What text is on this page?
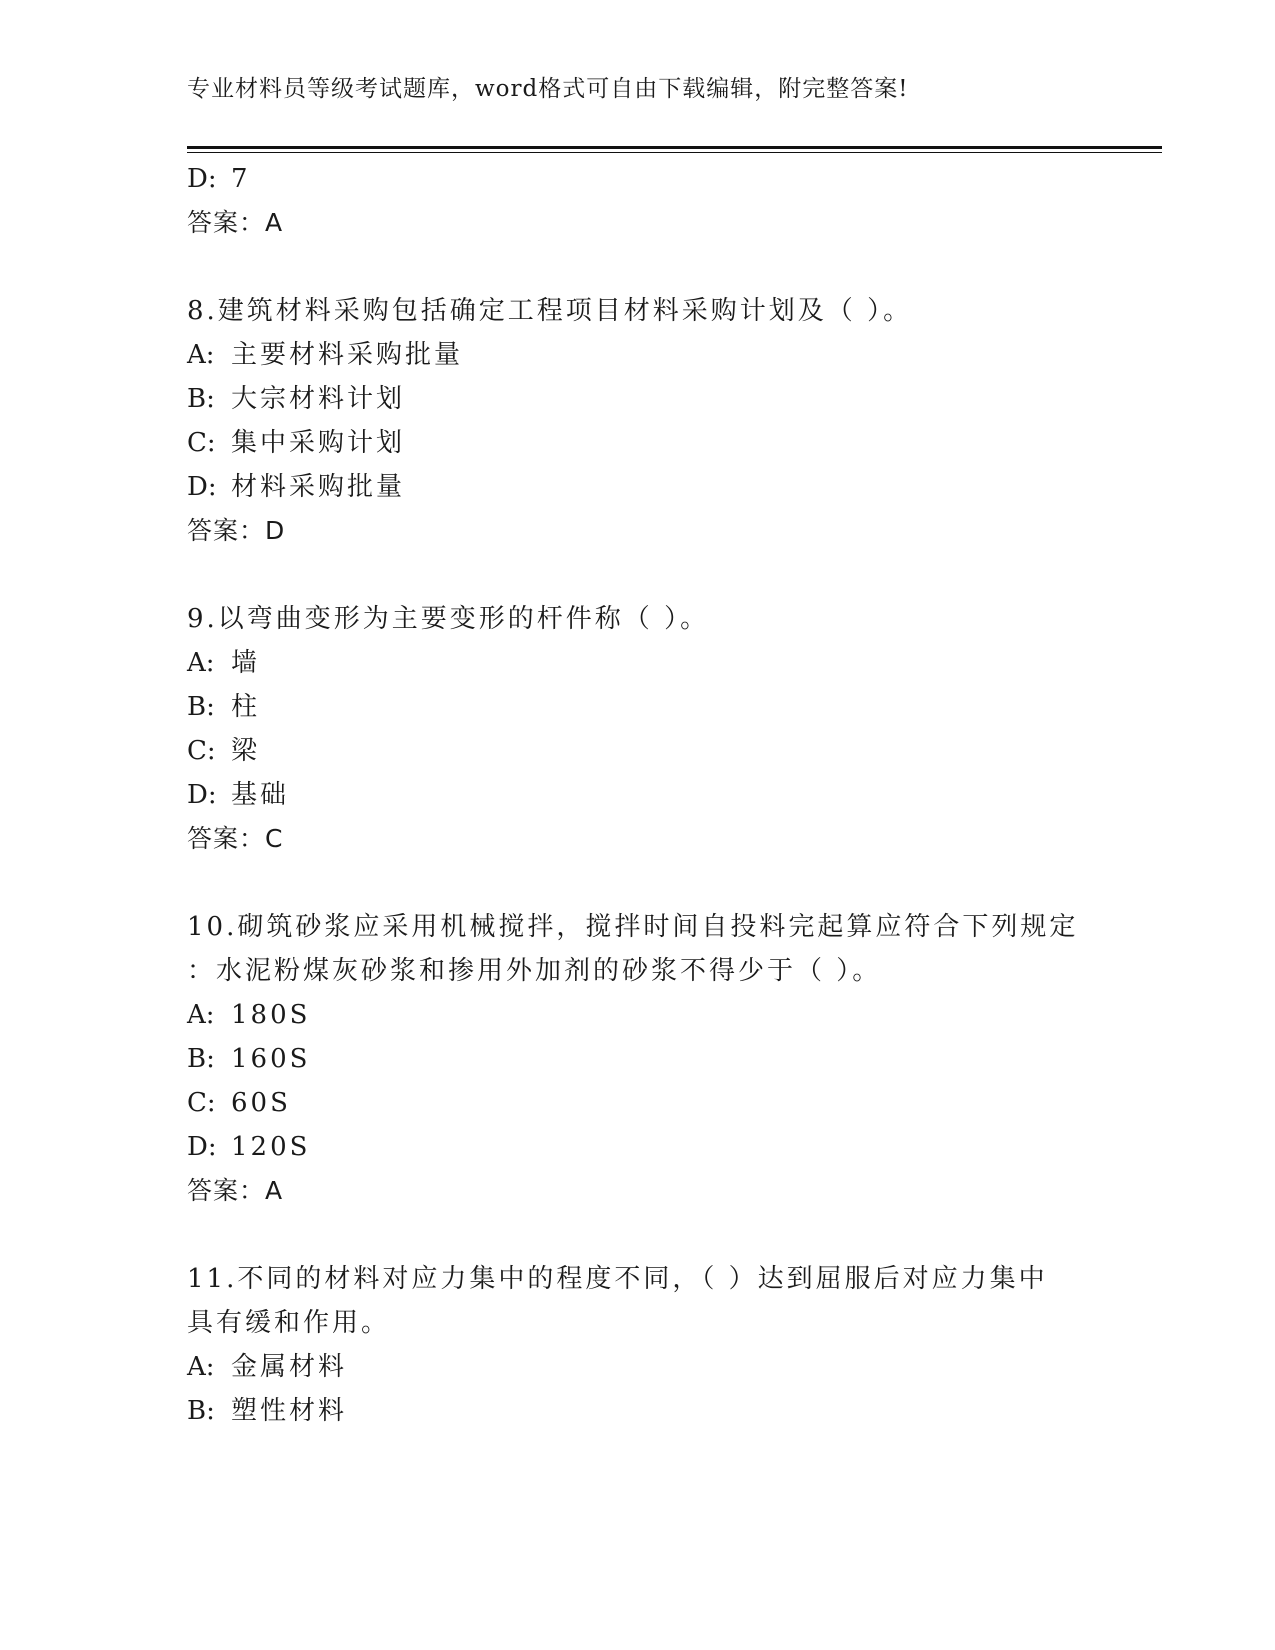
专业材料员等级考试题库，word格式可自由下载编辑，附完整答案!
D: 7
答案：A
8.建筑材料采购包括确定工程项目材料采购计划及（ ）。
A: 主要材料采购批量
B: 大宗材料计划
C: 集中采购计划
D: 材料采购批量
答案：D
9.以弯曲变形为主要变形的杆件称（ ）。
A: 墙
B: 柱
C: 梁
D: 基础
答案：C
10.砌筑砂浆应采用机械搅拌，搅拌时间自投料完起算应符合下列规定
：水泥粉煤灰砂浆和掺用外加剂的砂浆不得少于（ ）。
A: 180S
B: 160S
C: 60S
D: 120S
答案：A
11.不同的材料对应力集中的程度不同，（ ）达到屈服后对应力集中
具有缓和作用。
A: 金属材料
B: 塑性材料
